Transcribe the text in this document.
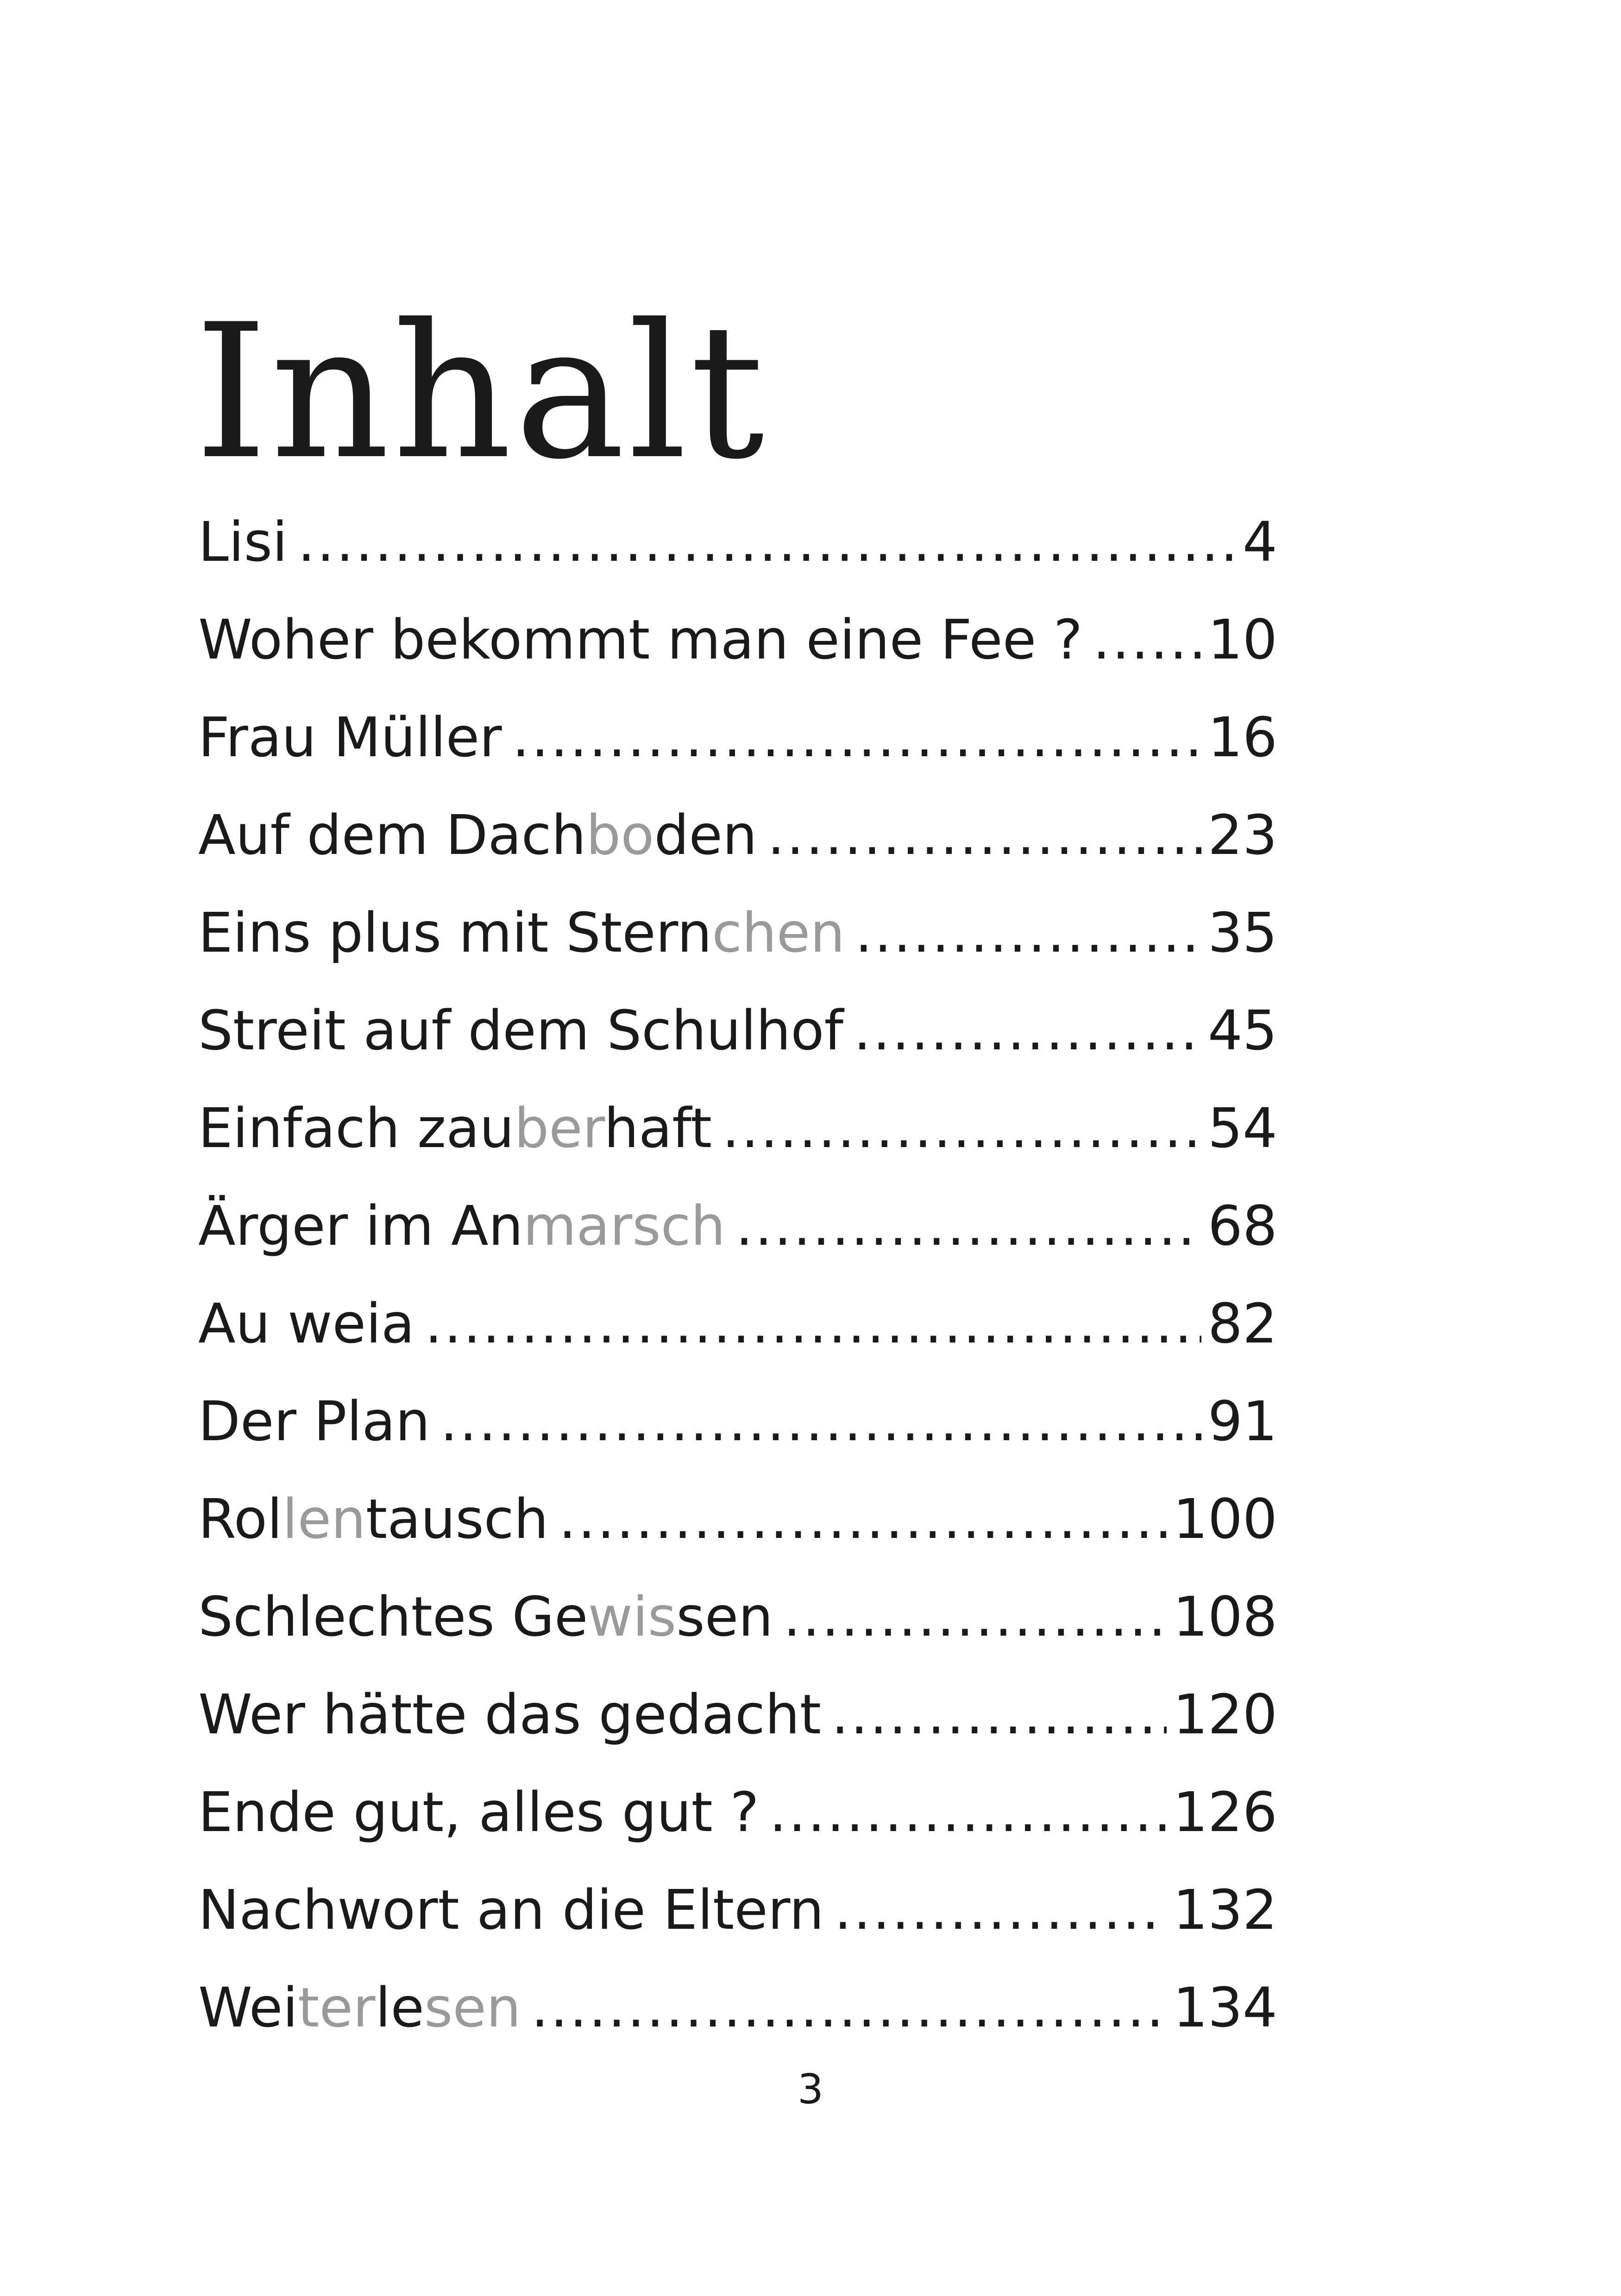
Inhalt
Lisi .....	4
Woher bekommt man eine Fee ? ..... 10
Frau Müller .....	16
Auf dem Dachboden .....	23
Eins plus mit Sternchen .....	35
Streit auf dem Schulhof .....	45
Einfach zauberhaft .....	54
Ärger im Anmarsch .....	68
Au weia .....	82
Der Plan .....	91
Rollentausch .....	100
Schlechtes Gewissen .....	108
Wer hätte das gedacht .....	120
Ende gut, alles gut ? .....	126
Nachwort an die Eltern .....	132
Weiterlesen .....	134
3
